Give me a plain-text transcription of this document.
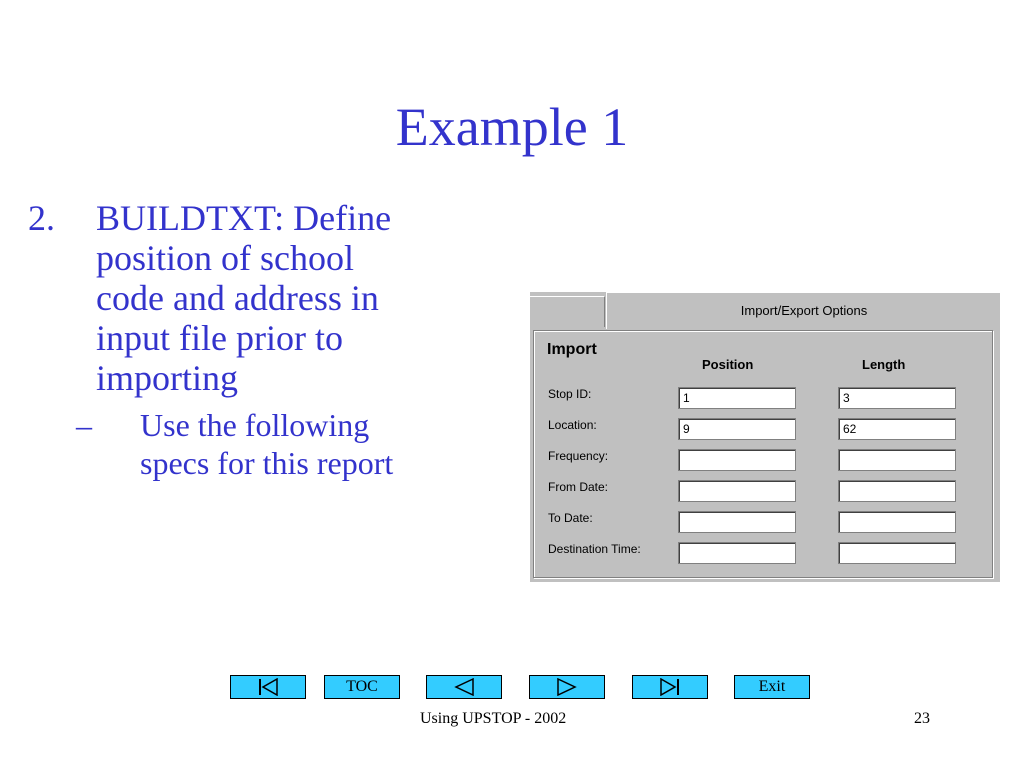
Example 1
2. BUILDTXT: Define
position of school
code and address in
input file prior to
importing
– Use the following
specs for this report
Import/Export Options
Import
Position	Length
Stop ID:	1	3
Location:	9	62
Frequency:
From Date:
To Date:
Destination Time:
TOC	Exit
Using UPSTOP - 2002	23
